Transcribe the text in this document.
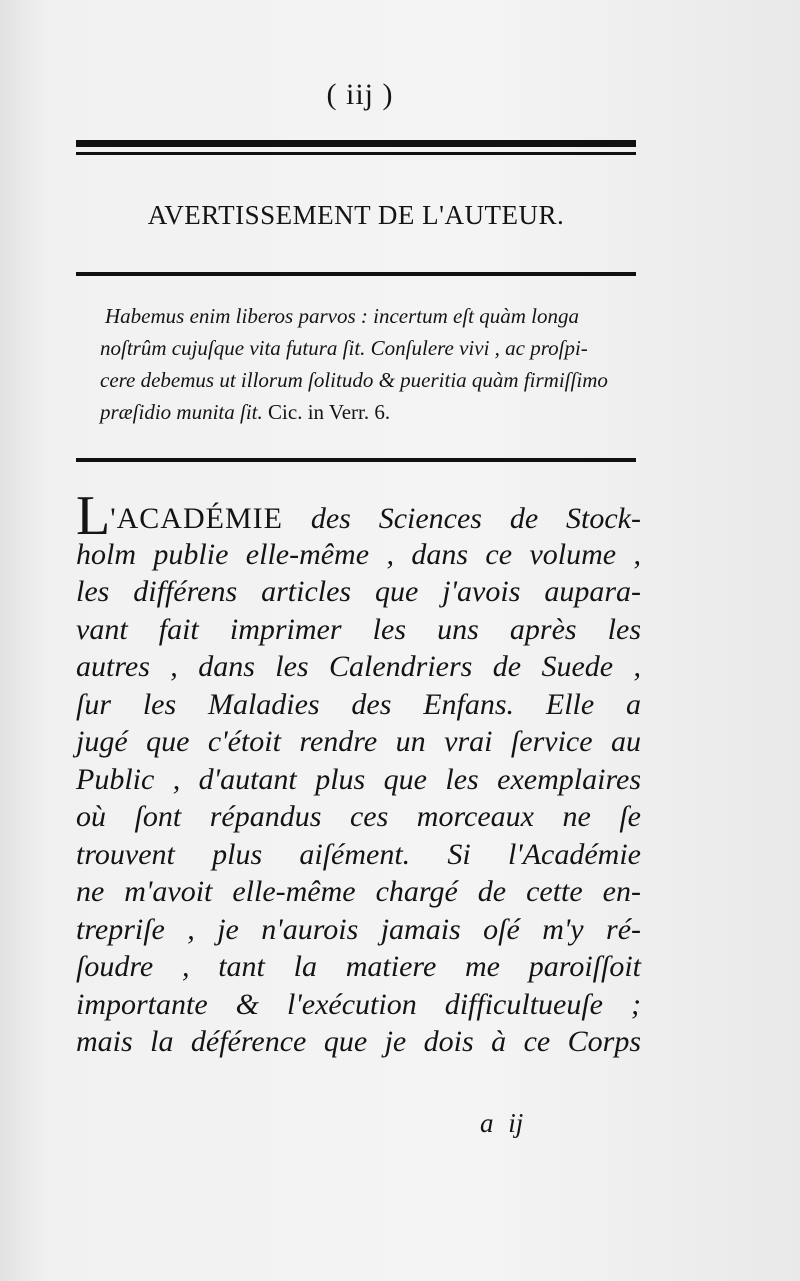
( iij )
AVERTISSEMENT DE L'AUTEUR.
Habemus enim liberos parvos : incertum eſt quàm longa
noſtrûm cujuſque vita futura ſit. Conſulere vivi , ac proſpi-
cere debemus ut illorum ſolitudo & pueritia quàm firmiſſimo
præſidio munita ſit. Cic. in Verr. 6.
L'ACADÉMIE des Sciences de Stock-
holm publie elle-même , dans ce volume ,
les différens articles que j'avois aupara-
vant fait imprimer les uns après les
autres , dans les Calendriers de Suede ,
ſur les Maladies des Enfans. Elle a
jugé que c'étoit rendre un vrai ſervice au
Public , d'autant plus que les exemplaires
où ſont répandus ces morceaux ne ſe
trouvent plus aiſément. Si l'Académie
ne m'avoit elle-même chargé de cette en-
trepriſe , je n'aurois jamais oſé m'y ré-
ſoudre , tant la matiere me paroiſſoit
importante & l'exécution difficultueuſe ;
mais la déférence que je dois à ce Corps
a ij
